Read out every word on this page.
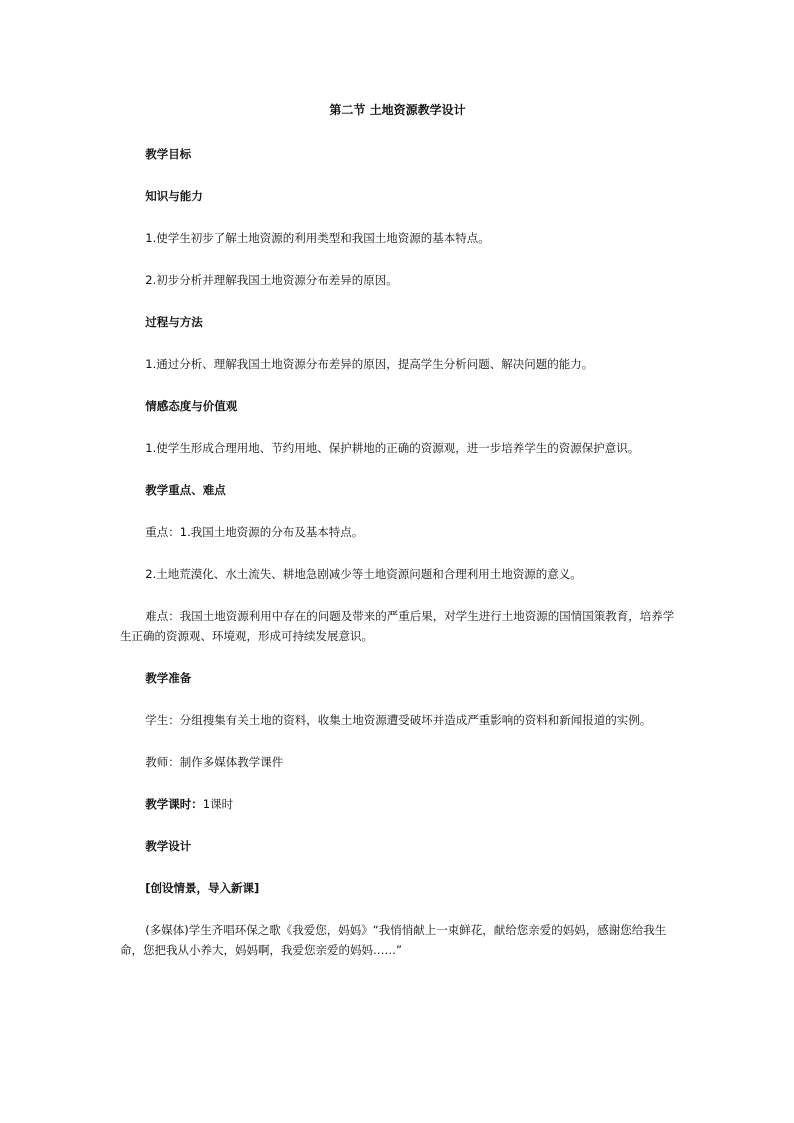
第二节 土地资源教学设计

教学目标

知识与能力

1.使学生初步了解土地资源的利用类型和我国土地资源的基本特点。

2.初步分析并理解我国土地资源分布差异的原因。

过程与方法

1.通过分析、理解我国土地资源分布差异的原因，提高学生分析问题、解决问题的能力。

情感态度与价值观

1.使学生形成合理用地、节约用地、保护耕地的正确的资源观，进一步培养学生的资源保护意识。

教学重点、难点

重点：1.我国土地资源的分布及基本特点。

2.土地荒漠化、水土流失、耕地急剧减少等土地资源问题和合理利用土地资源的意义。

难点：我国土地资源利用中存在的问题及带来的严重后果，对学生进行土地资源的国情国策教育，培养学生正确的资源观、环境观，形成可持续发展意识。

教学准备

学生：分组搜集有关土地的资料，收集土地资源遭受破坏并造成严重影响的资料和新闻报道的实例。

教师：制作多媒体教学课件

教学课时：1课时

教学设计

[创设情景，导入新课]

(多媒体)学生齐唱环保之歌《我爱您，妈妈》“我悄悄献上一束鲜花，献给您亲爱的妈妈，感谢您给我生命，您把我从小养大，妈妈啊，我爱您亲爱的妈妈……”
